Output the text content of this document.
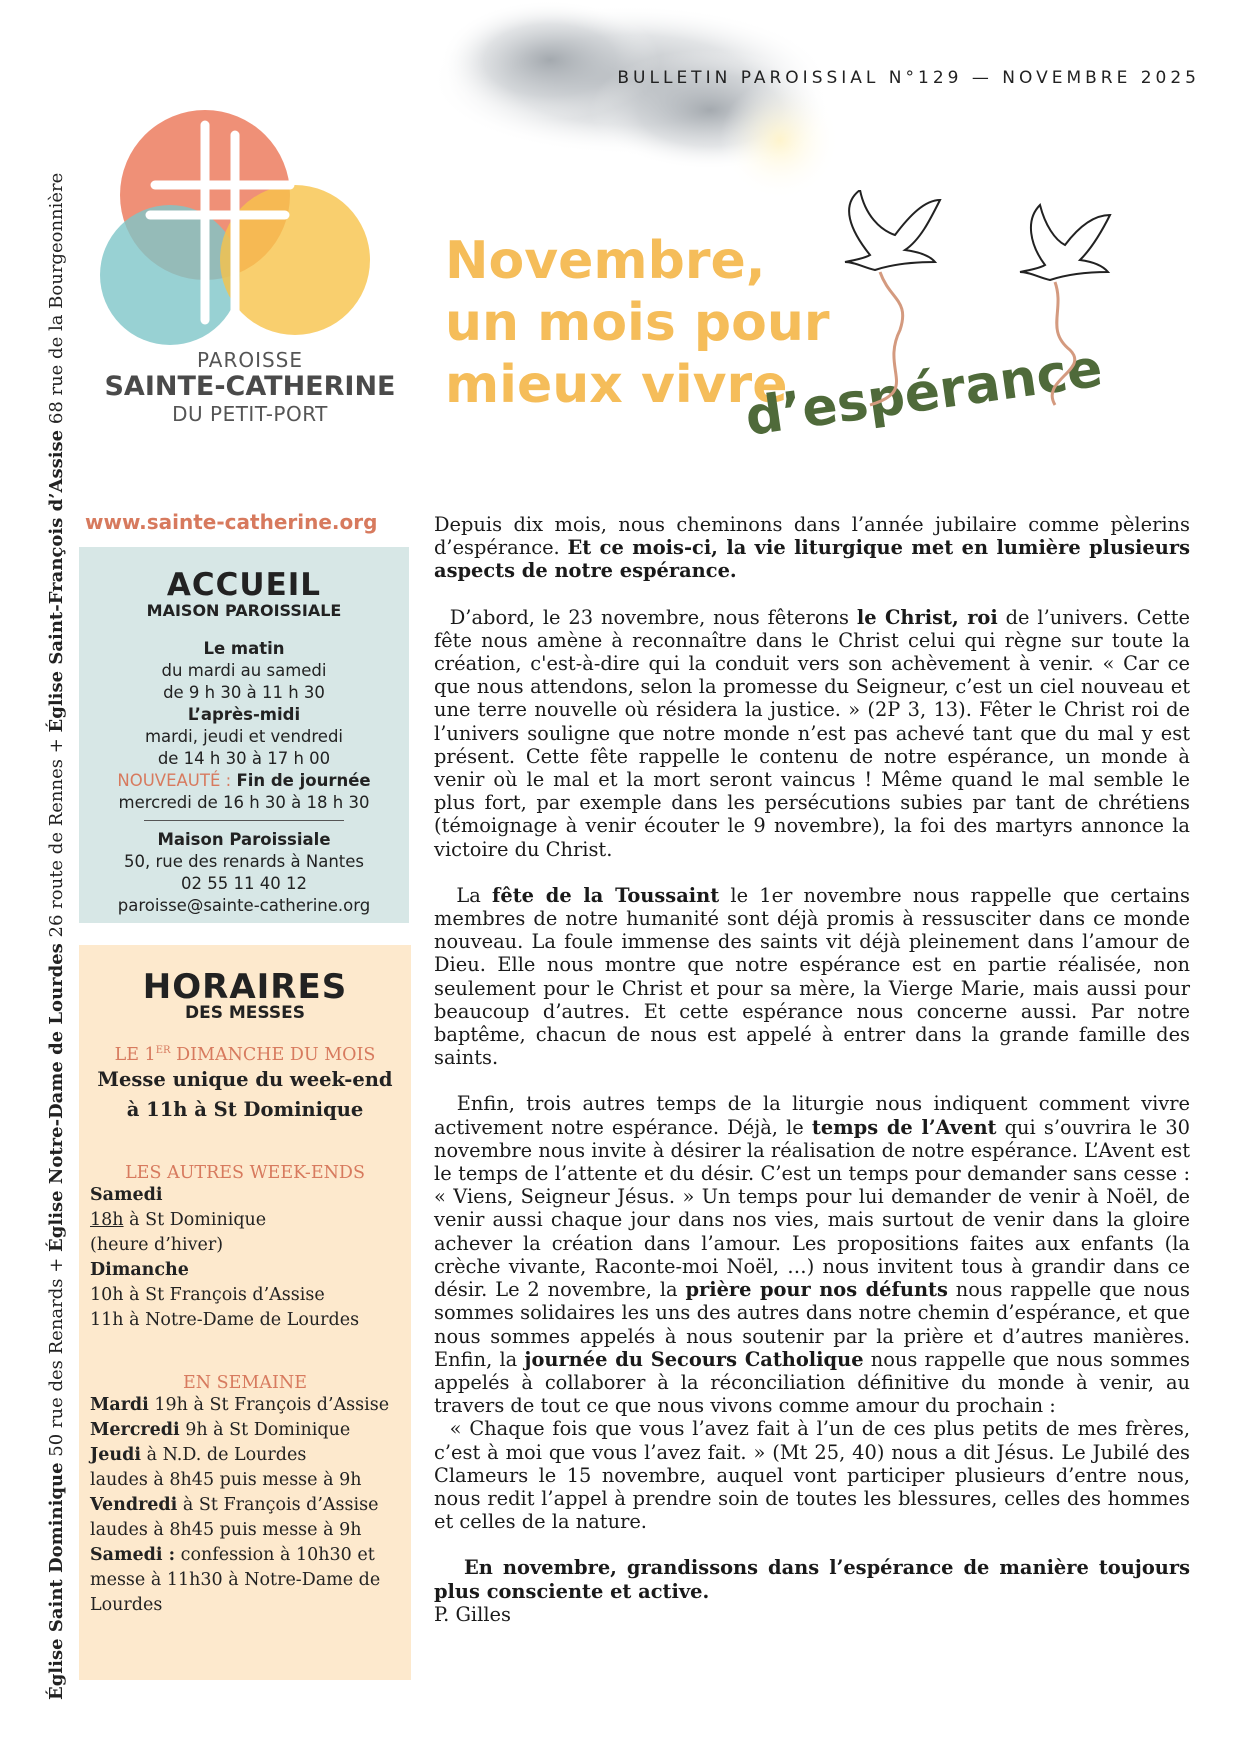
BULLETIN PAROISSIAL N°129 — NOVEMBRE 2025
PAROISSE
SAINTE-CATHERINE
DU PETIT-PORT
Novembre,
un mois pour
mieux vivre
d’espérance
Église Saint Dominique 50 rue des Renards + Église Notre-Dame de Lourdes 26 route de Rennes + Église Saint-François d’Assise 68 rue de la Bourgeonnière
www.sainte-catherine.org
ACCUEIL
MAISON PAROISSIALE
Le matin
du mardi au samedi
de 9 h 30 à 11 h 30
L’après-midi
mardi, jeudi et vendredi
de 14 h 30 à 17 h 00
NOUVEAUTÉ : Fin de journée
mercredi de 16 h 30 à 18 h 30
Maison Paroissiale
50, rue des renards à Nantes
02 55 11 40 12
paroisse@sainte-catherine.org
HORAIRES
DES MESSES
LE 1ER DIMANCHE DU MOIS
Messe unique du week-end
à 11h à St Dominique
LES AUTRES WEEK-ENDS
Samedi
18h à St Dominique
(heure d’hiver)
Dimanche
10h à St François d’Assise
11h à Notre-Dame de Lourdes
EN SEMAINE
Mardi 19h à St François d’Assise
Mercredi 9h à St Dominique
Jeudi à N.D. de Lourdes
laudes à 8h45 puis messe à 9h
Vendredi à St François d’Assise
laudes à 8h45 puis messe à 9h
Samedi : confession à 10h30 et
messe à 11h30 à Notre-Dame de
Lourdes

Depuis dix mois, nous cheminons dans l’année jubilaire comme pèlerins d’espérance. Et ce mois-ci, la vie liturgique met en lumière plusieurs aspects de notre espérance.

D’abord, le 23 novembre, nous fêterons le Christ, roi de l’univers. Cette fête nous amène à reconnaître dans le Christ celui qui règne sur toute la création, c'est-à-dire qui la conduit vers son achèvement à venir. « Car ce que nous attendons, selon la promesse du Seigneur, c’est un ciel nouveau et une terre nouvelle où résidera la justice. » (2P 3, 13). Fêter le Christ roi de l’univers souligne que notre monde n’est pas achevé tant que du mal y est présent. Cette fête rappelle le contenu de notre espérance, un monde à venir où le mal et la mort seront vaincus ! Même quand le mal semble le plus fort, par exemple dans les persécutions subies par tant de chrétiens (témoignage à venir écouter le 9 novembre), la foi des martyrs annonce la victoire du Christ.

La fête de la Toussaint le 1er novembre nous rappelle que certains membres de notre humanité sont déjà promis à ressusciter dans ce monde nouveau. La foule immense des saints vit déjà pleinement dans l’amour de Dieu. Elle nous montre que notre espérance est en partie réalisée, non seulement pour le Christ et pour sa mère, la Vierge Marie, mais aussi pour beaucoup d’autres. Et cette espérance nous concerne aussi. Par notre baptême, chacun de nous est appelé à entrer dans la grande famille des saints.

Enfin, trois autres temps de la liturgie nous indiquent comment vivre activement notre espérance. Déjà, le temps de l’Avent qui s’ouvrira le 30 novembre nous invite à désirer la réalisation de notre espérance. L’Avent est le temps de l’attente et du désir. C’est un temps pour demander sans cesse : « Viens, Seigneur Jésus. » Un temps pour lui demander de venir à Noël, de venir aussi chaque jour dans nos vies, mais surtout de venir dans la gloire achever la création dans l’amour. Les propositions faites aux enfants (la crèche vivante, Raconte-moi Noël, …) nous invitent tous à grandir dans ce désir. Le 2 novembre, la prière pour nos défunts nous rappelle que nous sommes solidaires les uns des autres dans notre chemin d’espérance, et que nous sommes appelés à nous soutenir par la prière et d’autres manières. Enfin, la journée du Secours Catholique nous rappelle que nous sommes appelés à collaborer à la réconciliation définitive du monde à venir, au travers de tout ce que nous vivons comme amour du prochain :

« Chaque fois que vous l’avez fait à l’un de ces plus petits de mes frères, c’est à moi que vous l’avez fait. » (Mt 25, 40) nous a dit Jésus. Le Jubilé des Clameurs le 15 novembre, auquel vont participer plusieurs d’entre nous, nous redit l’appel à prendre soin de toutes les blessures, celles des hommes et celles de la nature.

En novembre, grandissons dans l’espérance de manière toujours plus consciente et active.

P. Gilles
